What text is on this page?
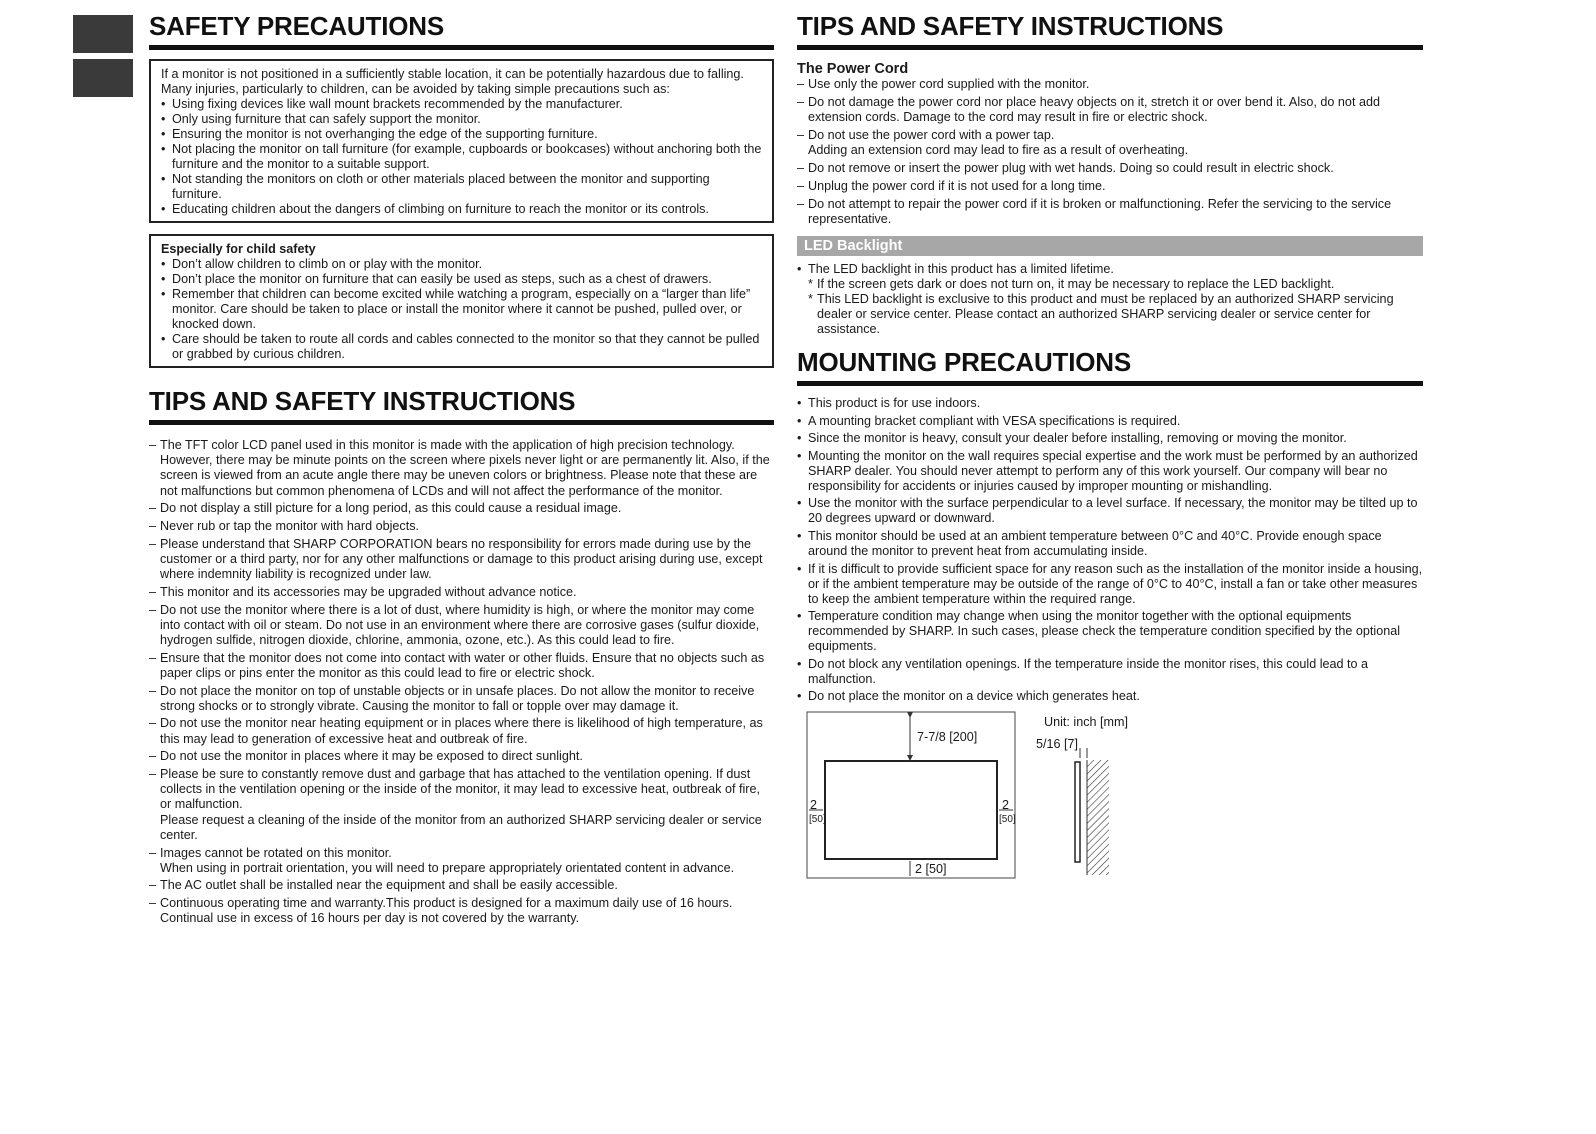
SAFETY PRECAUTIONS
If a monitor is not positioned in a sufficiently stable location, it can be potentially hazardous due to falling. Many injuries, particularly to children, can be avoided by taking simple precautions such as:
• Using fixing devices like wall mount brackets recommended by the manufacturer.
• Only using furniture that can safely support the monitor.
• Ensuring the monitor is not overhanging the edge of the supporting furniture.
• Not placing the monitor on tall furniture (for example, cupboards or bookcases) without anchoring both the furniture and the monitor to a suitable support.
• Not standing the monitors on cloth or other materials placed between the monitor and supporting furniture.
• Educating children about the dangers of climbing on furniture to reach the monitor or its controls.
Especially for child safety
• Don’t allow children to climb on or play with the monitor.
• Don’t place the monitor on furniture that can easily be used as steps, such as a chest of drawers.
• Remember that children can become excited while watching a program, especially on a “larger than life” monitor. Care should be taken to place or install the monitor where it cannot be pushed, pulled over, or knocked down.
• Care should be taken to route all cords and cables connected to the monitor so that they cannot be pulled or grabbed by curious children.
TIPS AND SAFETY INSTRUCTIONS
– The TFT color LCD panel used in this monitor is made with the application of high precision technology. However, there may be minute points on the screen where pixels never light or are permanently lit. Also, if the screen is viewed from an acute angle there may be uneven colors or brightness. Please note that these are not malfunctions but common phenomena of LCDs and will not affect the performance of the monitor.
– Do not display a still picture for a long period, as this could cause a residual image.
– Never rub or tap the monitor with hard objects.
– Please understand that SHARP CORPORATION bears no responsibility for errors made during use by the customer or a third party, nor for any other malfunctions or damage to this product arising during use, except where indemnity liability is recognized under law.
– This monitor and its accessories may be upgraded without advance notice.
– Do not use the monitor where there is a lot of dust, where humidity is high, or where the monitor may come into contact with oil or steam. Do not use in an environment where there are corrosive gases (sulfur dioxide, hydrogen sulfide, nitrogen dioxide, chlorine, ammonia, ozone, etc.). As this could lead to fire.
– Ensure that the monitor does not come into contact with water or other fluids. Ensure that no objects such as paper clips or pins enter the monitor as this could lead to fire or electric shock.
– Do not place the monitor on top of unstable objects or in unsafe places. Do not allow the monitor to receive strong shocks or to strongly vibrate. Causing the monitor to fall or topple over may damage it.
– Do not use the monitor near heating equipment or in places where there is likelihood of high temperature, as this may lead to generation of excessive heat and outbreak of fire.
– Do not use the monitor in places where it may be exposed to direct sunlight.
– Please be sure to constantly remove dust and garbage that has attached to the ventilation opening. If dust collects in the ventilation opening or the inside of the monitor, it may lead to excessive heat, outbreak of fire, or malfunction.
Please request a cleaning of the inside of the monitor from an authorized SHARP servicing dealer or service center.
– Images cannot be rotated on this monitor.
When using in portrait orientation, you will need to prepare appropriately orientated content in advance.
– The AC outlet shall be installed near the equipment and shall be easily accessible.
– Continuous operating time and warranty.This product is designed for a maximum daily use of 16 hours.
Continual use in excess of 16 hours per day is not covered by the warranty.
TIPS AND SAFETY INSTRUCTIONS
The Power Cord
– Use only the power cord supplied with the monitor.
– Do not damage the power cord nor place heavy objects on it, stretch it or over bend it. Also, do not add extension cords. Damage to the cord may result in fire or electric shock.
– Do not use the power cord with a power tap.
Adding an extension cord may lead to fire as a result of overheating.
– Do not remove or insert the power plug with wet hands. Doing so could result in electric shock.
– Unplug the power cord if it is not used for a long time.
– Do not attempt to repair the power cord if it is broken or malfunctioning. Refer the servicing to the service representative.
LED Backlight
• The LED backlight in this product has a limited lifetime.
* If the screen gets dark or does not turn on, it may be necessary to replace the LED backlight.
* This LED backlight is exclusive to this product and must be replaced by an authorized SHARP servicing dealer or service center. Please contact an authorized SHARP servicing dealer or service center for assistance.
MOUNTING PRECAUTIONS
• This product is for use indoors.
• A mounting bracket compliant with VESA specifications is required.
• Since the monitor is heavy, consult your dealer before installing, removing or moving the monitor.
• Mounting the monitor on the wall requires special expertise and the work must be performed by an authorized SHARP dealer. You should never attempt to perform any of this work yourself. Our company will bear no responsibility for accidents or injuries caused by improper mounting or mishandling.
• Use the monitor with the surface perpendicular to a level surface. If necessary, the monitor may be tilted up to 20 degrees upward or downward.
• This monitor should be used at an ambient temperature between 0°C and 40°C. Provide enough space around the monitor to prevent heat from accumulating inside.
• If it is difficult to provide sufficient space for any reason such as the installation of the monitor inside a housing, or if the ambient temperature may be outside of the range of 0°C to 40°C, install a fan or take other measures to keep the ambient temperature within the required range.
• Temperature condition may change when using the monitor together with the optional equipments recommended by SHARP. In such cases, please check the temperature condition specified by the optional equipments.
• Do not block any ventilation openings. If the temperature inside the monitor rises, this could lead to a malfunction.
• Do not place the monitor on a device which generates heat.
7-7/8 [200]
2
[50]
2
[50]
2 [50]
Unit: inch [mm]
5/16 [7]
